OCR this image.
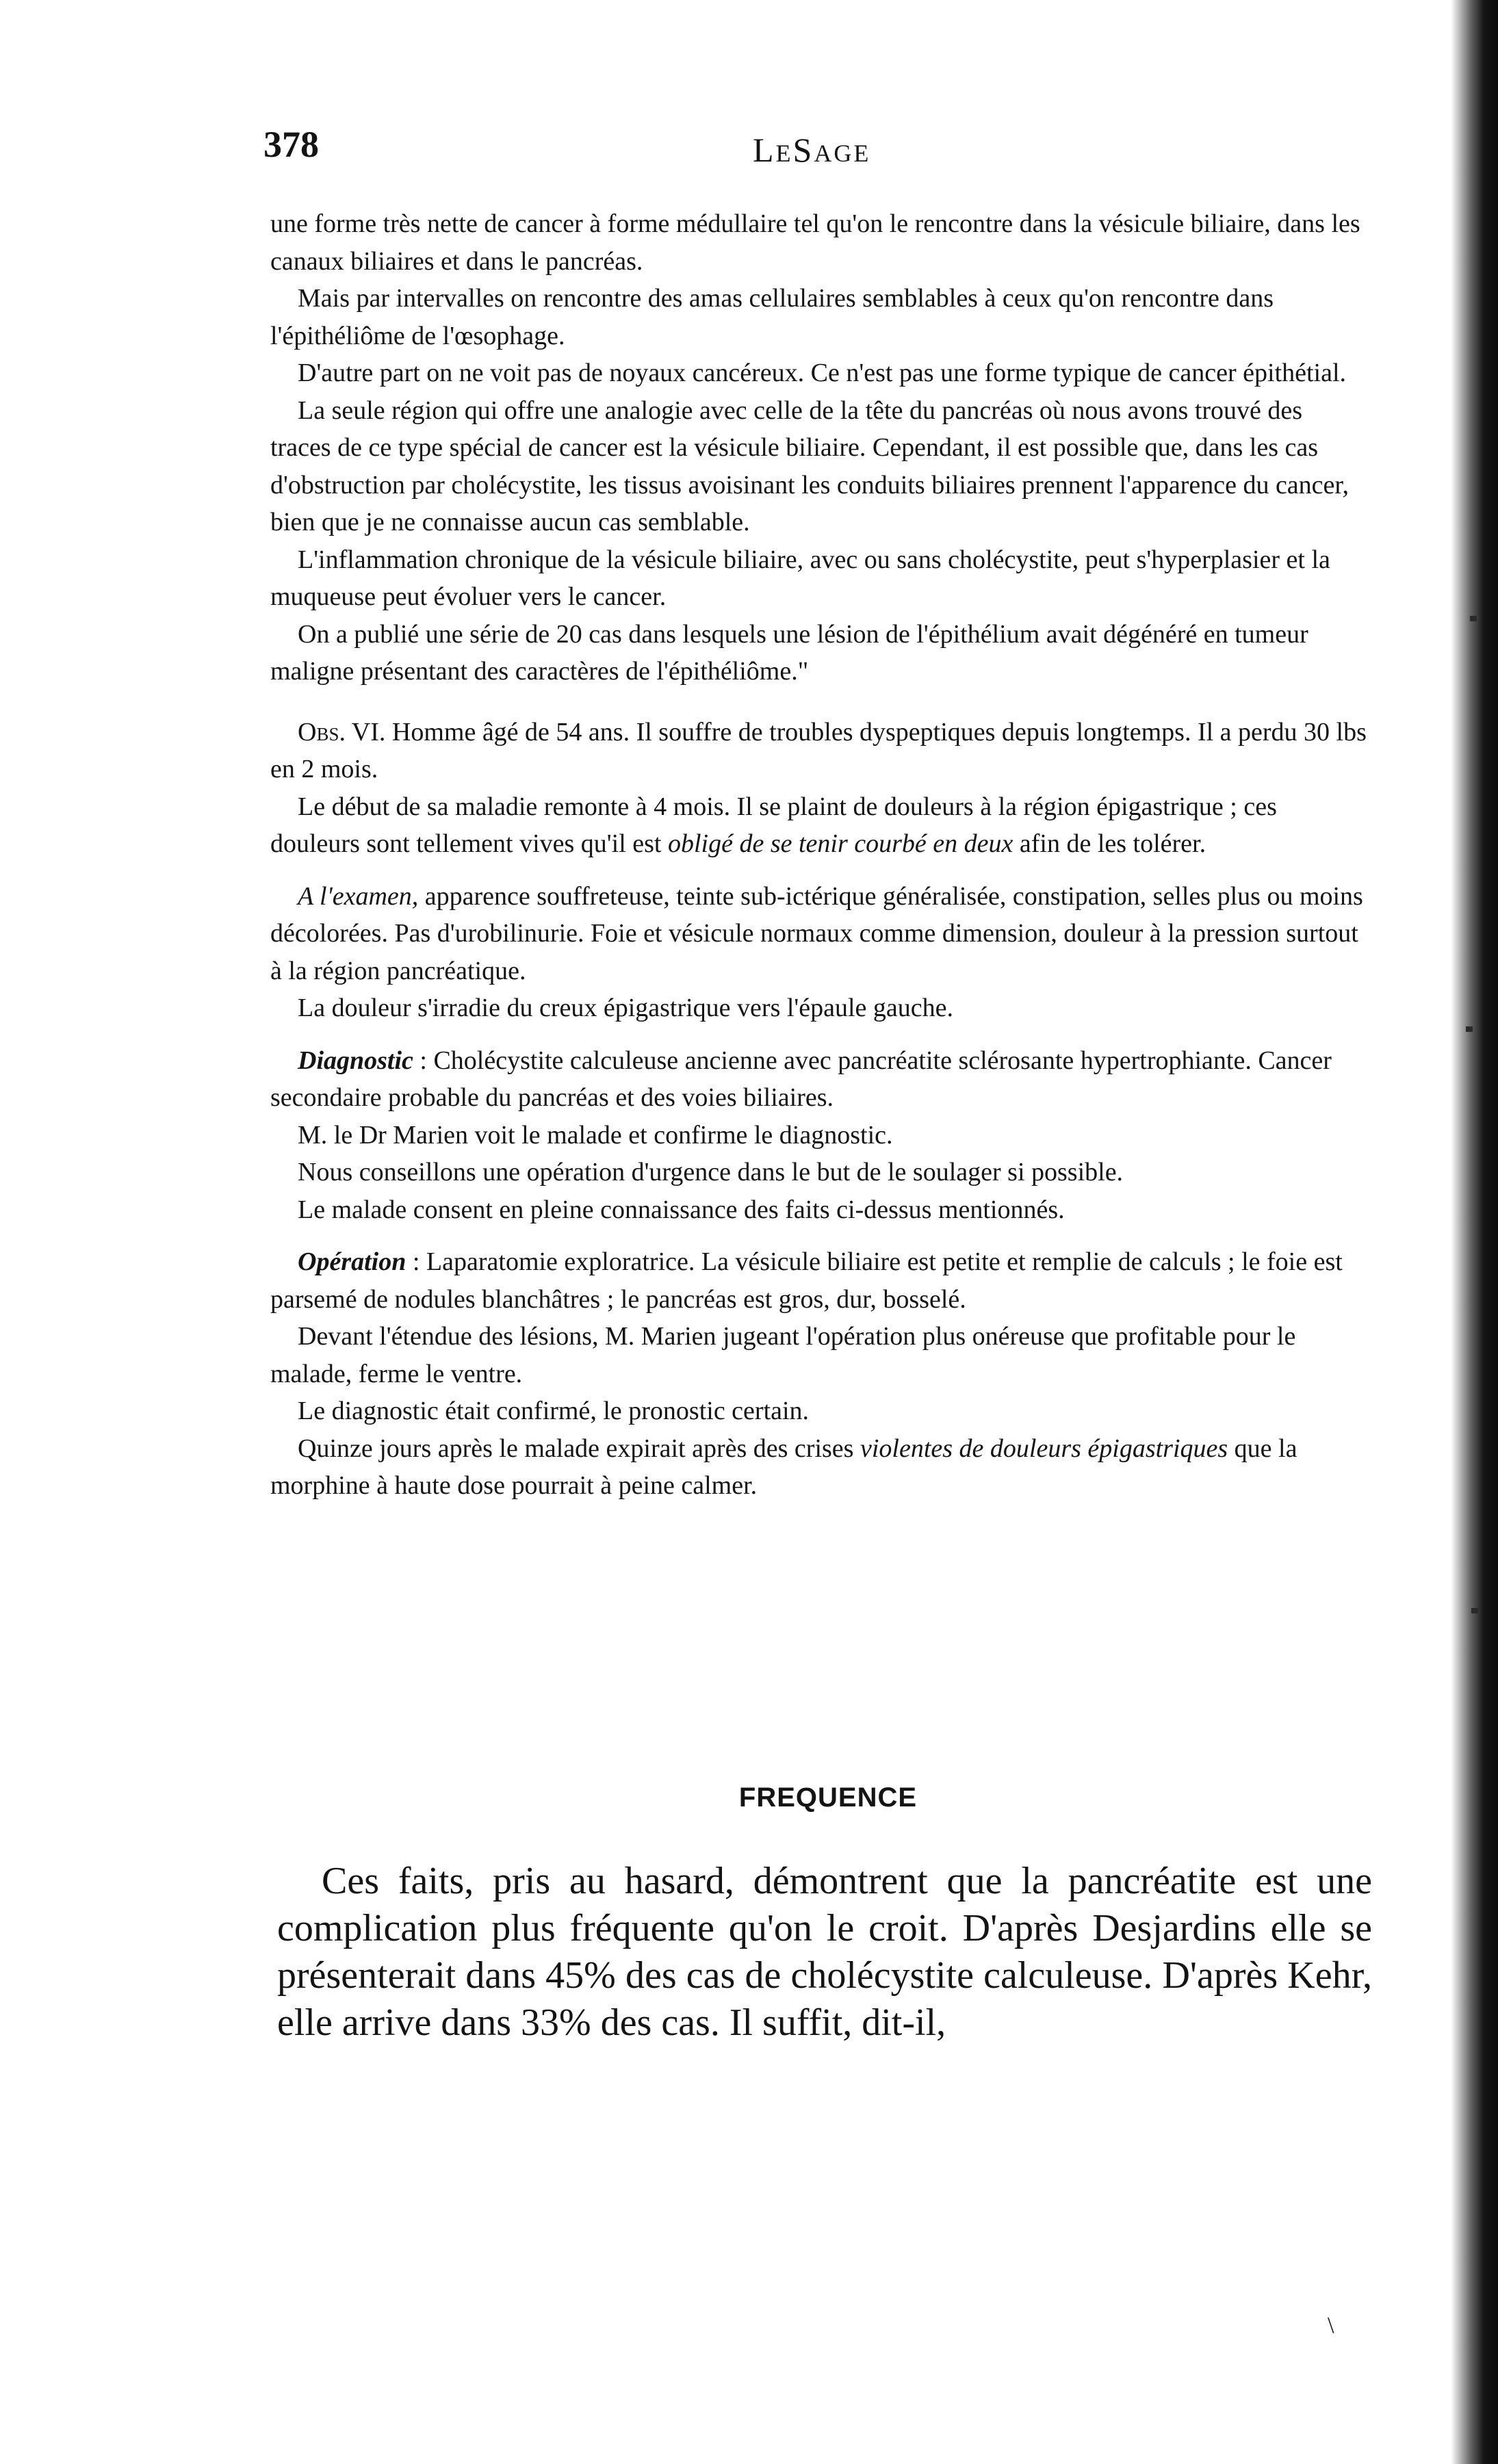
378	LESAGE

une forme très nette de cancer à forme médullaire tel qu'on le rencontre dans la vésicule biliaire, dans les canaux biliaires et dans le pancréas.

Mais par intervalles on rencontre des amas cellulaires semblables à ceux qu'on rencontre dans l'épithéliôme de l'œsophage.

D'autre part on ne voit pas de noyaux cancéreux. Ce n'est pas une forme typique de cancer épithétial.

La seule région qui offre une analogie avec celle de la tête du pancréas où nous avons trouvé des traces de ce type spécial de cancer est la vésicule biliaire. Cependant, il est possible que, dans les cas d'obstruction par cholécystite, les tissus avoisinant les conduits biliaires prennent l'apparence du cancer, bien que je ne connaisse aucun cas semblable.

L'inflammation chronique de la vésicule biliaire, avec ou sans cholécystite, peut s'hyperplasier et la muqueuse peut évoluer vers le cancer.

On a publié une série de 20 cas dans lesquels une lésion de l'épithélium avait dégénéré en tumeur maligne présentant des caractères de l'épithéliôme."

Obs. VI. Homme âgé de 54 ans. Il souffre de troubles dyspeptiques depuis longtemps. Il a perdu 30 lbs en 2 mois.

Le début de sa maladie remonte à 4 mois. Il se plaint de douleurs à la région épigastrique ; ces douleurs sont tellement vives qu'il est obligé de se tenir courbé en deux afin de les tolérer.

A l'examen, apparence souffreteuse, teinte sub-ictérique généralisée, constipation, selles plus ou moins décolorées. Pas d'urobilinurie. Foie et vésicule normaux comme dimension, douleur à la pression surtout à la région pancréatique.

La douleur s'irradie du creux épigastrique vers l'épaule gauche.

Diagnostic : Cholécystite calculeuse ancienne avec pancréatite sclérosante hypertrophiante. Cancer secondaire probable du pancréas et des voies biliaires.

M. le Dr Marien voit le malade et confirme le diagnostic.

Nous conseillons une opération d'urgence dans le but de le soulager si possible.

Le malade consent en pleine connaissance des faits ci-dessus mentionnés.

Opération : Laparatomie exploratrice. La vésicule biliaire est petite et remplie de calculs ; le foie est parsemé de nodules blanchâtres ; le pancréas est gros, dur, bosselé.

Devant l'étendue des lésions, M. Marien jugeant l'opération plus onéreuse que profitable pour le malade, ferme le ventre.

Le diagnostic était confirmé, le pronostic certain.

Quinze jours après le malade expirait après des crises violentes de douleurs épigastriques que la morphine à haute dose pourrait à peine calmer.

FREQUENCE

Ces faits, pris au hasard, démontrent que la pancréatite est une complication plus fréquente qu'on le croit. D'après Desjardins elle se présenterait dans 45% des cas de cholécystite calculeuse. D'après Kehr, elle arrive dans 33% des cas. Il suffit, dit-il,

\
